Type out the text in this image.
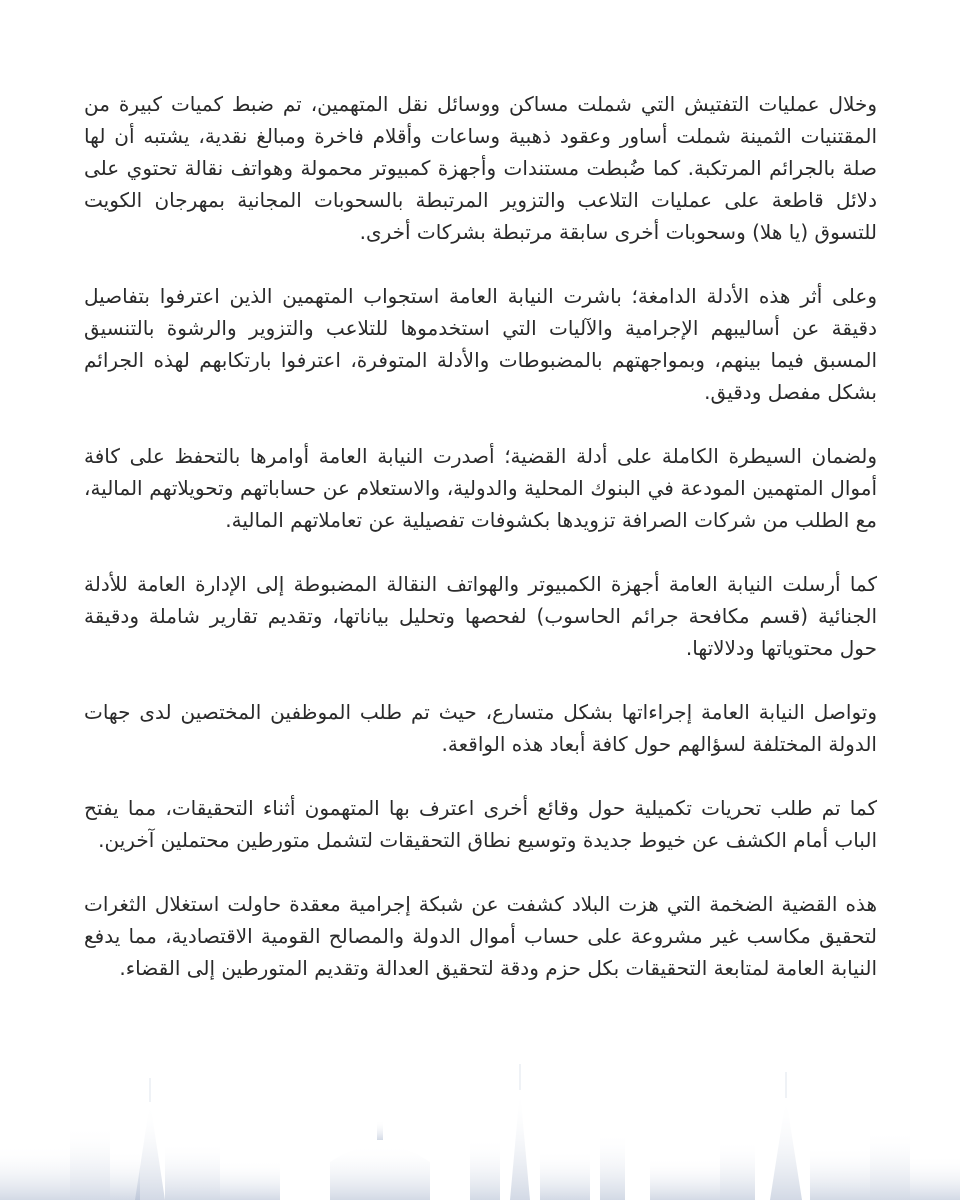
وخلال عمليات التفتيش التي شملت مساكن ووسائل نقل المتهمين، تم ضبط كميات كبيرة من المقتنيات الثمينة شملت أساور وعقود ذهبية وساعات وأقلام فاخرة ومبالغ نقدية، يشتبه أن لها صلة بالجرائم المرتكبة. كما ضُبطت مستندات وأجهزة كمبيوتر محمولة وهواتف نقالة تحتوي على دلائل قاطعة على عمليات التلاعب والتزوير المرتبطة بالسحوبات المجانية بمهرجان الكويت للتسوق (يا هلا) وسحوبات أخرى سابقة مرتبطة بشركات أخرى.

وعلى أثر هذه الأدلة الدامغة؛ باشرت النيابة العامة استجواب المتهمين الذين اعترفوا بتفاصيل دقيقة عن أساليبهم الإجرامية والآليات التي استخدموها للتلاعب والتزوير والرشوة بالتنسيق المسبق فيما بينهم، وبمواجهتهم بالمضبوطات والأدلة المتوفرة، اعترفوا بارتكابهم لهذه الجرائم بشكل مفصل ودقيق.

ولضمان السيطرة الكاملة على أدلة القضية؛ أصدرت النيابة العامة أوامرها بالتحفظ على كافة أموال المتهمين المودعة في البنوك المحلية والدولية، والاستعلام عن حساباتهم وتحويلاتهم المالية، مع الطلب من شركات الصرافة تزويدها بكشوفات تفصيلية عن تعاملاتهم المالية.

كما أرسلت النيابة العامة أجهزة الكمبيوتر والهواتف النقالة المضبوطة إلى الإدارة العامة للأدلة الجنائية (قسم مكافحة جرائم الحاسوب) لفحصها وتحليل بياناتها، وتقديم تقارير شاملة ودقيقة حول محتوياتها ودلالاتها.

وتواصل النيابة العامة إجراءاتها بشكل متسارع، حيث تم طلب الموظفين المختصين لدى جهات الدولة المختلفة لسؤالهم حول كافة أبعاد هذه الواقعة.

كما تم طلب تحريات تكميلية حول وقائع أخرى اعترف بها المتهمون أثناء التحقيقات، مما يفتح الباب أمام الكشف عن خيوط جديدة وتوسيع نطاق التحقيقات لتشمل متورطين محتملين آخرين.

هذه القضية الضخمة التي هزت البلاد كشفت عن شبكة إجرامية معقدة حاولت استغلال الثغرات لتحقيق مكاسب غير مشروعة على حساب أموال الدولة والمصالح القومية الاقتصادية، مما يدفع النيابة العامة لمتابعة التحقيقات بكل حزم ودقة لتحقيق العدالة وتقديم المتورطين إلى القضاء.
